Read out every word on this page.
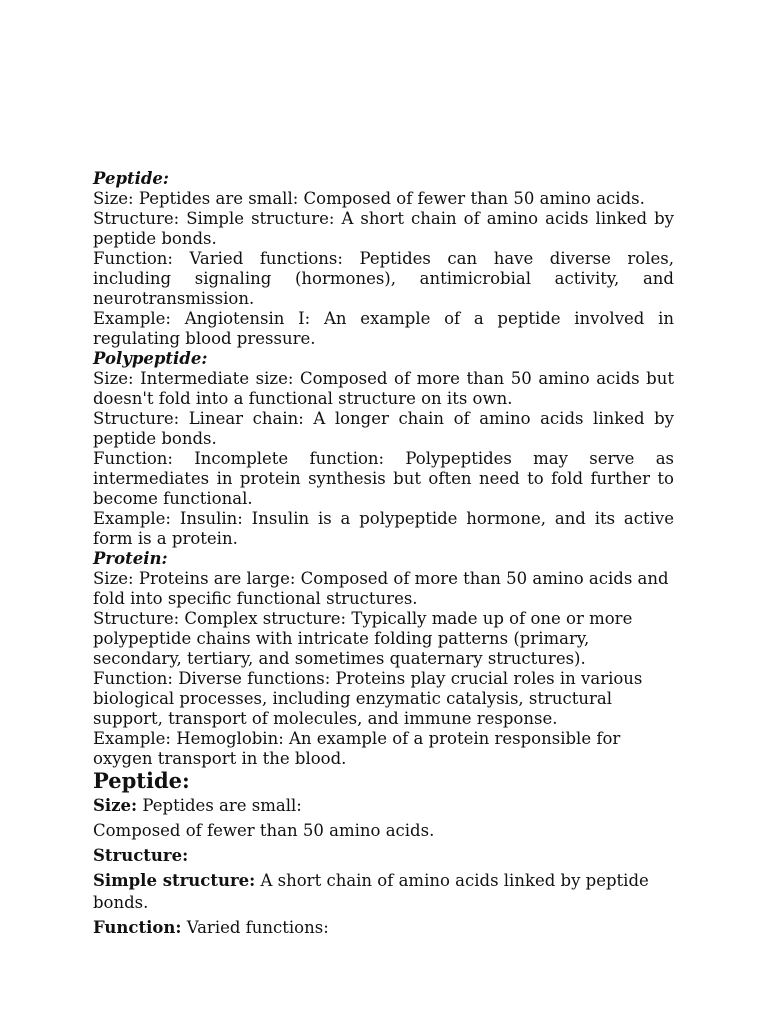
Peptide:

Size: Peptides are small: Composed of fewer than 50 amino acids.

Structure: Simple structure: A short chain of amino acids linked by peptide bonds.

Function: Varied functions: Peptides can have diverse roles, including signaling (hormones), antimicrobial activity, and neurotransmission.

Example: Angiotensin I: An example of a peptide involved in regulating blood pressure.

Polypeptide:

Size: Intermediate size: Composed of more than 50 amino acids but doesn't fold into a functional structure on its own.

Structure: Linear chain: A longer chain of amino acids linked by peptide bonds.

Function: Incomplete function: Polypeptides may serve as intermediates in protein synthesis but often need to fold further to become functional.

Example: Insulin: Insulin is a polypeptide hormone, and its active form is a protein.

Protein:

Size: Proteins are large: Composed of more than 50 amino acids and fold into specific functional structures.

Structure: Complex structure: Typically made up of one or more polypeptide chains with intricate folding patterns (primary, secondary, tertiary, and sometimes quaternary structures).

Function: Diverse functions: Proteins play crucial roles in various biological processes, including enzymatic catalysis, structural support, transport of molecules, and immune response.

Example: Hemoglobin: An example of a protein responsible for oxygen transport in the blood.

Peptide:

Size: Peptides are small:

Composed of fewer than 50 amino acids.

Structure:

Simple structure: A short chain of amino acids linked by peptide bonds.

Function: Varied functions:
